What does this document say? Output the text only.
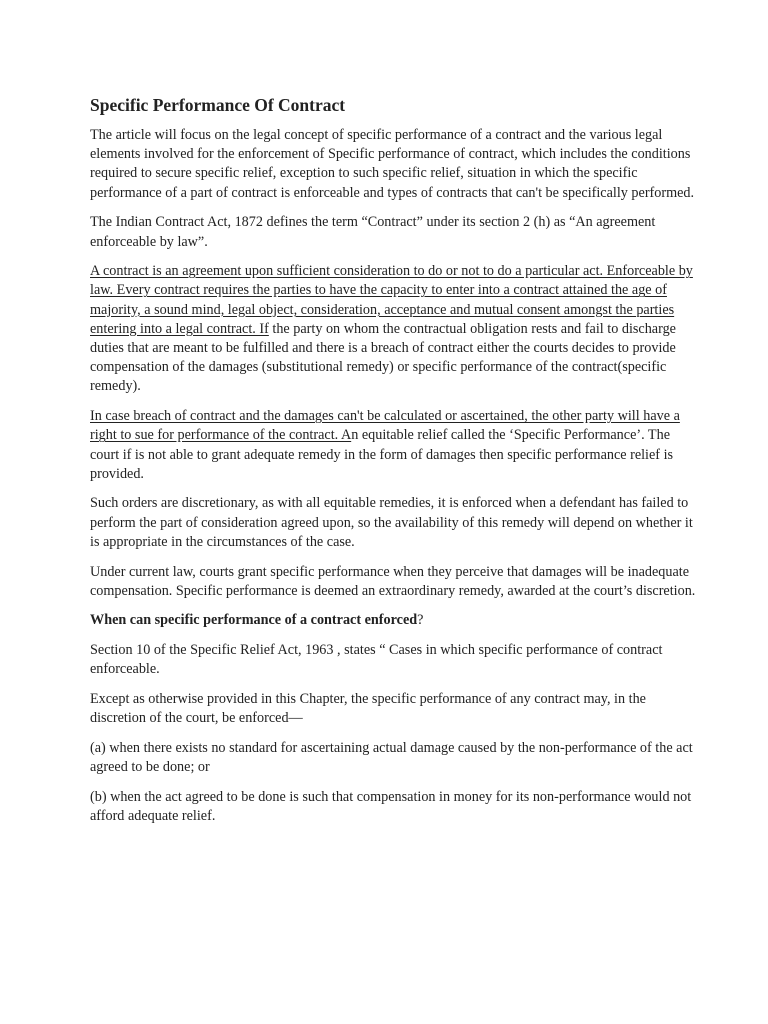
Specific Performance Of Contract

The article will focus on the legal concept of specific performance of a contract and the various legal elements involved for the enforcement of Specific performance of contract, which includes the conditions required to secure specific relief, exception to such specific relief, situation in which the specific performance of a part of contract is enforceable and types of contracts that can't be specifically performed.

The Indian Contract Act, 1872 defines the term “Contract” under its section 2 (h) as “An agreement enforceable by law”.

A contract is an agreement upon sufficient consideration to do or not to do a particular act. Enforceable by law. Every contract requires the parties to have the capacity to enter into a contract attained the age of majority, a sound mind, legal object, consideration, acceptance and mutual consent amongst the parties entering into a legal contract. If the party on whom the contractual obligation rests and fail to discharge duties that are meant to be fulfilled and there is a breach of contract either the courts decides to provide compensation of the damages (substitutional remedy) or specific performance of the contract(specific remedy).

In case breach of contract and the damages can't be calculated or ascertained, the other party will have a right to sue for performance of the contract. An equitable relief called the ‘Specific Performance’. The court if is not able to grant adequate remedy in the form of damages then specific performance relief is provided.

Such orders are discretionary, as with all equitable remedies, it is enforced when a defendant has failed to perform the part of consideration agreed upon, so the availability of this remedy will depend on whether it is appropriate in the circumstances of the case.

Under current law, courts grant specific performance when they perceive that damages will be inadequate compensation. Specific performance is deemed an extraordinary remedy, awarded at the court’s discretion.

When can specific performance of a contract enforced?

Section 10 of the Specific Relief Act, 1963 , states “ Cases in which specific performance of contract enforceable.

Except as otherwise provided in this Chapter, the specific performance of any contract may, in the discretion of the court, be enforced—

(a) when there exists no standard for ascertaining actual damage caused by the non-performance of the act agreed to be done; or

(b) when the act agreed to be done is such that compensation in money for its non-performance would not afford adequate relief.
